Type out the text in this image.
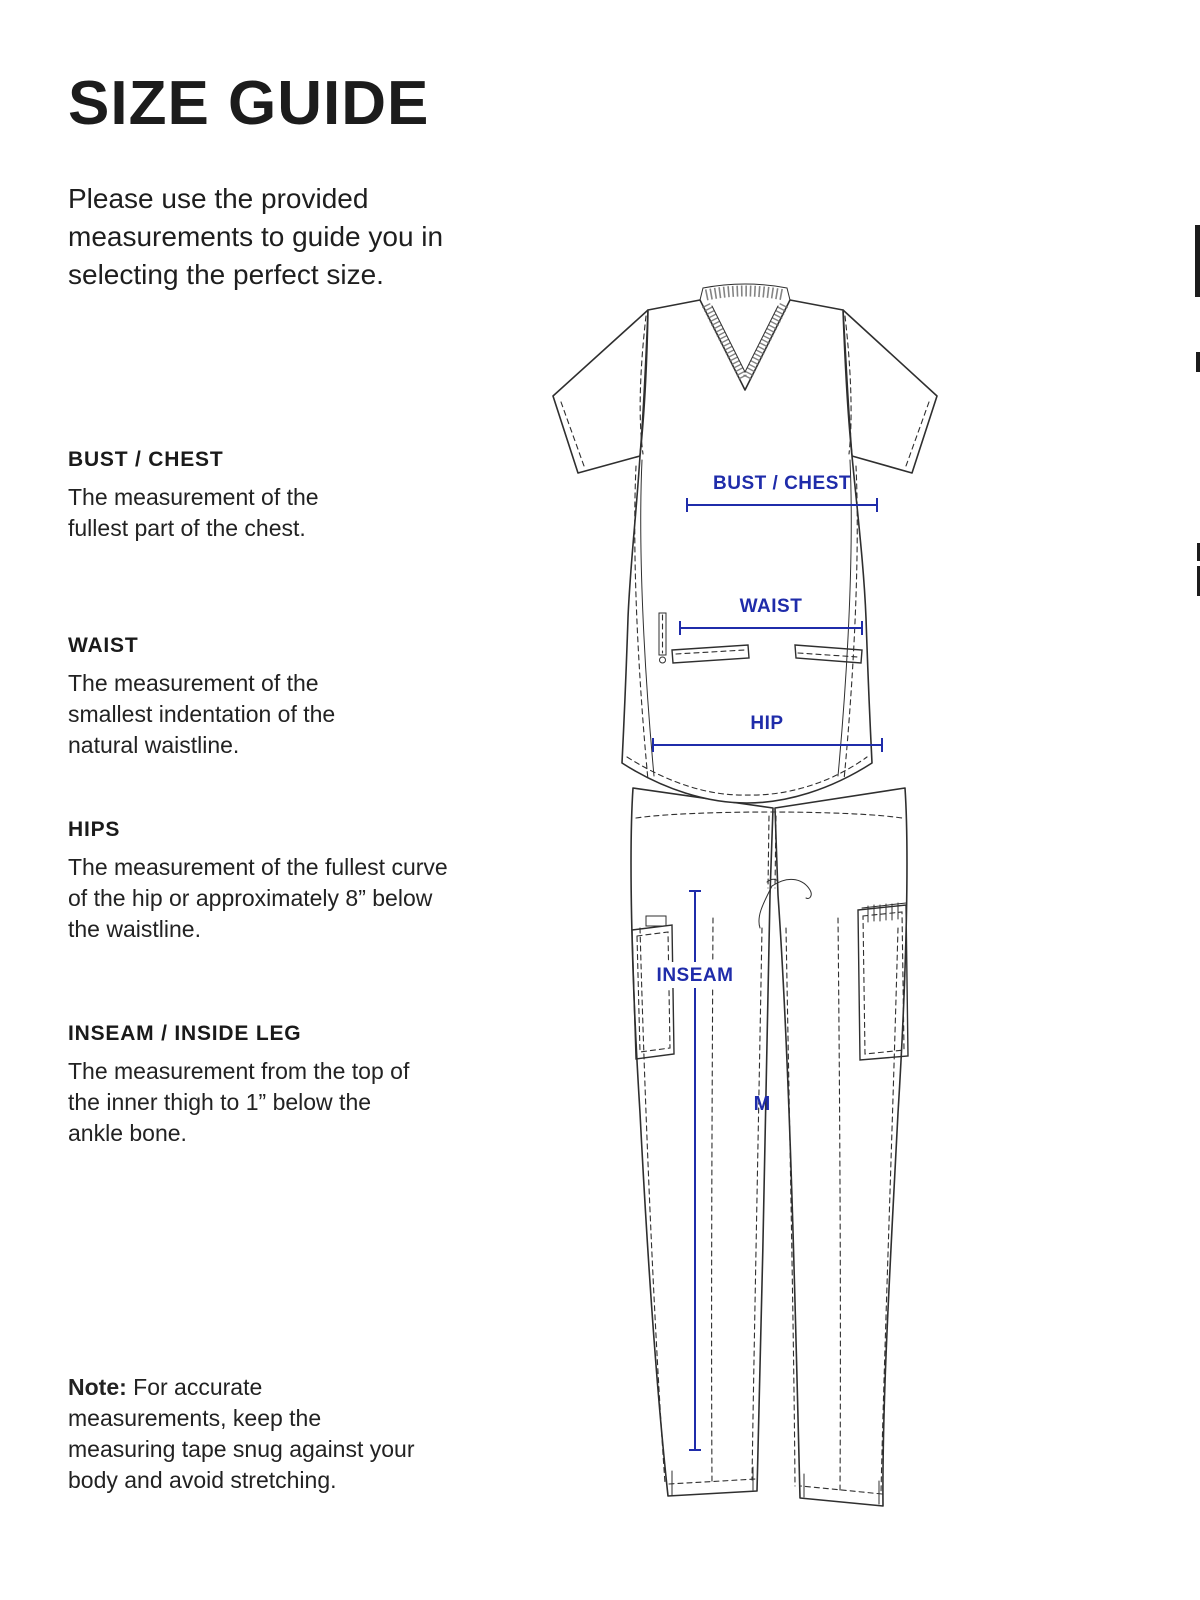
SIZE GUIDE
Please use the provided measurements to guide you in selecting the perfect size.
BUST / CHEST
The measurement of the fullest part of the chest.
WAIST
The measurement of the smallest indentation of the natural waistline.
HIPS
The measurement of the fullest curve of the hip or approximately 8” below the waistline.
INSEAM / INSIDE LEG
The measurement from the top of the inner thigh to 1” below the ankle bone.
Note: For accurate measurements, keep the measuring tape snug against your body and avoid stretching.
BUST / CHEST
WAIST
HIP
INSEAM
M
